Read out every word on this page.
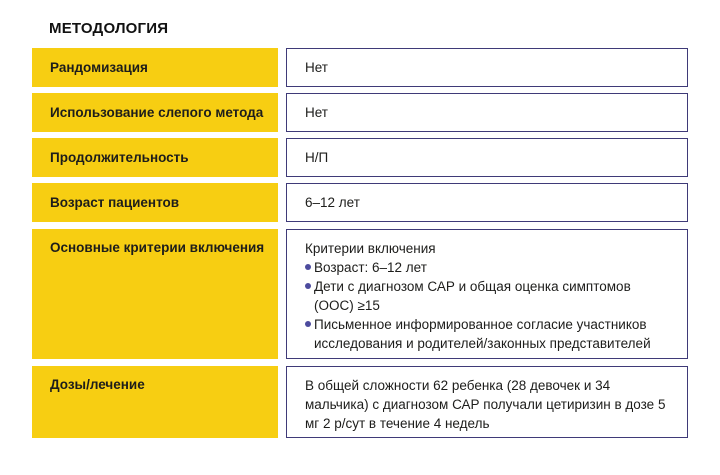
МЕТОДОЛОГИЯ
Рандомизация	Нет
Использование слепого метода	Нет
Продолжительность	Н/П
Возраст пациентов	6–12 лет
Основные критерии включения	Критерии включения
Возраст: 6–12 лет
Дети с диагнозом САР и общая оценка симптомов (ООС) ≥15
Письменное информированное согласие участников исследования и родителей/законных представителей
Дозы/лечение	В общей сложности 62 ребенка (28 девочек и 34 мальчика) с диагнозом САР получали цетиризин в дозе 5 мг 2 р/сут в течение 4 недель
